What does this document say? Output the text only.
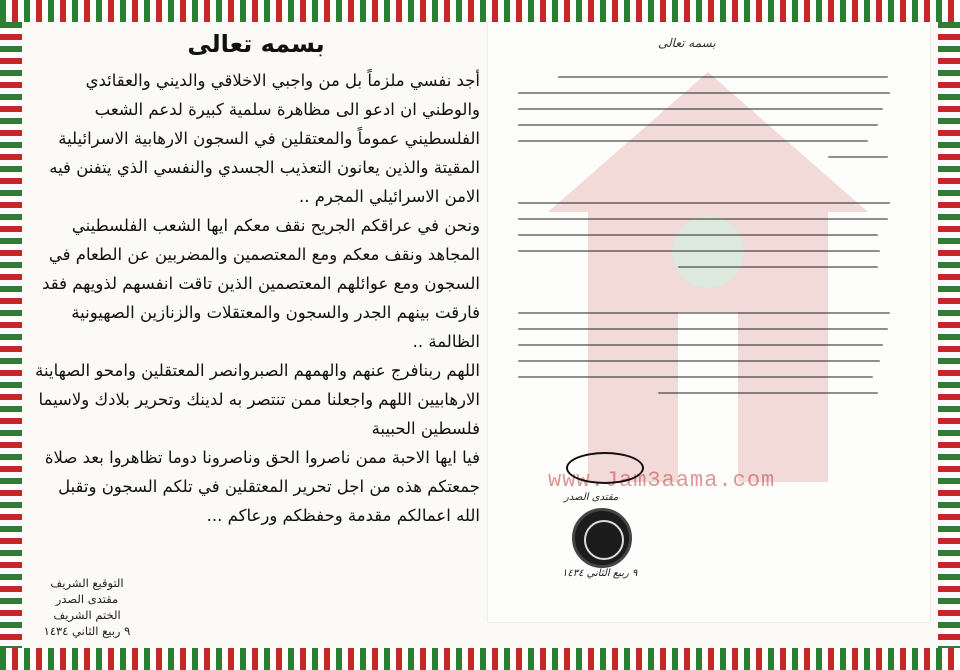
بسمه تعالى

أجد نفسي ملزماً بل من واجبي الاخلاقي والديني والعقائدي والوطني ان ادعو الى مظاهرة سلمية كبيرة لدعم الشعب الفلسطيني عموماً والمعتقلين في السجون الارهابية الاسرائيلية المقيتة والذين يعانون التعذيب الجسدي والنفسي الذي يتفنن فيه الامن الاسرائيلي المجرم ..

ونحن في عراقكم الجريح نقف معكم ايها الشعب الفلسطيني المجاهد ونقف معكم ومع المعتصمين والمضربين عن الطعام في السجون ومع عوائلهم المعتصمين الذين تاقت انفسهم لذويهم فقد فارقت بينهم الجدر والسجون والمعتقلات والزنازين الصهيونية الظالمة ..

اللهم ربنافرج عنهم والهمهم الصبروانصر المعتقلين وامحو الصهاينة الارهابيين اللهم واجعلنا ممن تنتصر به لدينك وتحرير بلادك ولاسيما فلسطين الحبيبة

فيا ايها الاحبة ممن ناصروا الحق وناصرونا دوما تظاهروا بعد صلاة جمعتكم هذه من اجل تحرير المعتقلين في تلكم السجون وتقبل الله اعمالكم مقدمة وحفظكم ورعاكم ...

التوقيع الشريف
مقتدى الصدر
الختم الشريف
٩ ربيع الثاني ١٤٣٤
www.Jam3aama.com
بسمه تعالى
مقتدى الصدر
٩ ربيع الثاني ١٤٣٤
